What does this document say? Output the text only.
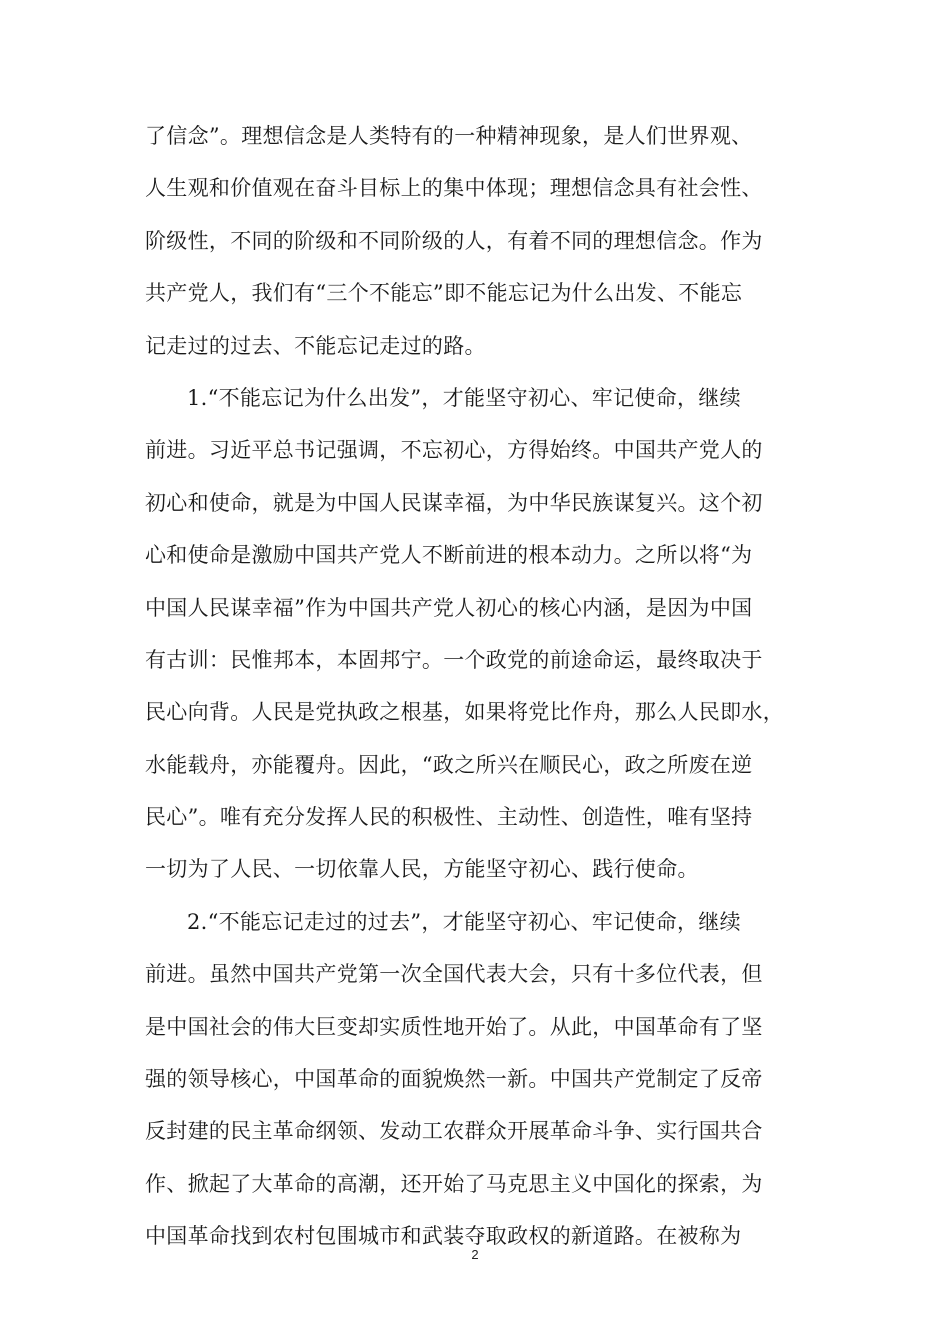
了信念”。理想信念是人类特有的一种精神现象，是人们世界观、
人生观和价值观在奋斗目标上的集中体现；理想信念具有社会性、
阶级性，不同的阶级和不同阶级的人，有着不同的理想信念。作为
共产党人，我们有“三个不能忘”即不能忘记为什么出发、不能忘
记走过的过去、不能忘记走过的路。
1.“不能忘记为什么出发”，才能坚守初心、牢记使命，继续
前进。习近平总书记强调，不忘初心，方得始终。中国共产党人的
初心和使命，就是为中国人民谋幸福，为中华民族谋复兴。这个初
心和使命是激励中国共产党人不断前进的根本动力。之所以将“为
中国人民谋幸福”作为中国共产党人初心的核心内涵，是因为中国
有古训：民惟邦本，本固邦宁。一个政党的前途命运，最终取决于
民心向背。人民是党执政之根基，如果将党比作舟，那么人民即水，
水能载舟，亦能覆舟。因此，“政之所兴在顺民心，政之所废在逆
民心”。唯有充分发挥人民的积极性、主动性、创造性，唯有坚持
一切为了人民、一切依靠人民，方能坚守初心、践行使命。
2.“不能忘记走过的过去”，才能坚守初心、牢记使命，继续
前进。虽然中国共产党第一次全国代表大会，只有十多位代表，但
是中国社会的伟大巨变却实质性地开始了。从此，中国革命有了坚
强的领导核心，中国革命的面貌焕然一新。中国共产党制定了反帝
反封建的民主革命纲领、发动工农群众开展革命斗争、实行国共合
作、掀起了大革命的高潮，还开始了马克思主义中国化的探索，为
中国革命找到农村包围城市和武装夺取政权的新道路。在被称为
2
